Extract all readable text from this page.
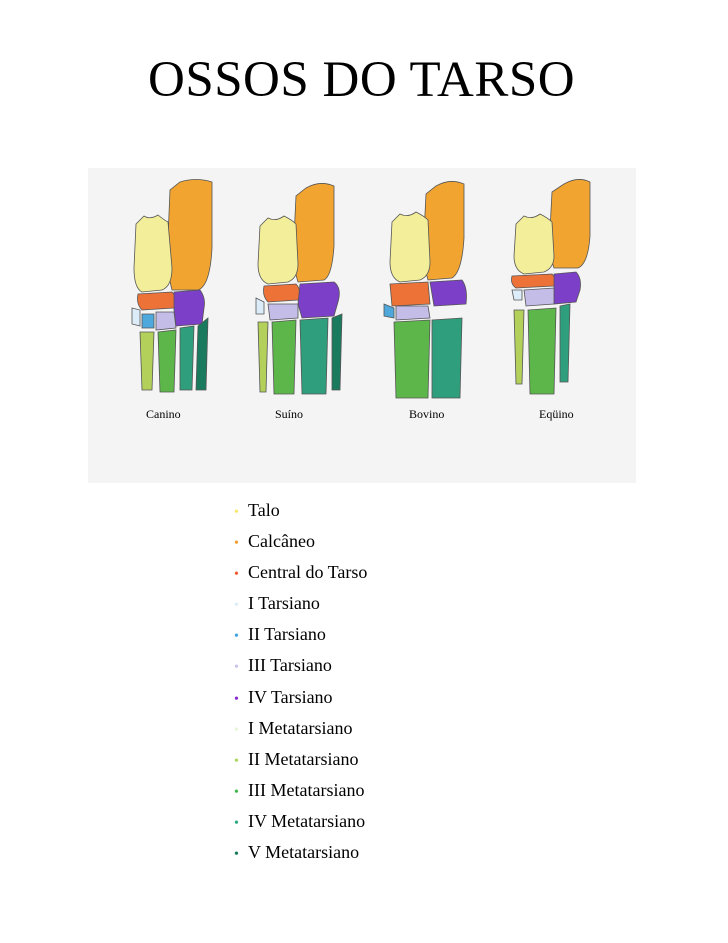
OSSOS DO TARSO
Canino	Suíno	Bovino	Eqüino
• Talo
• Calcâneo
• Central do Tarso
• I Tarsiano
• II Tarsiano
• III Tarsiano
• IV Tarsiano
• I Metatarsiano
• II Metatarsiano
• III Metatarsiano
• IV Metatarsiano
• V Metatarsiano
